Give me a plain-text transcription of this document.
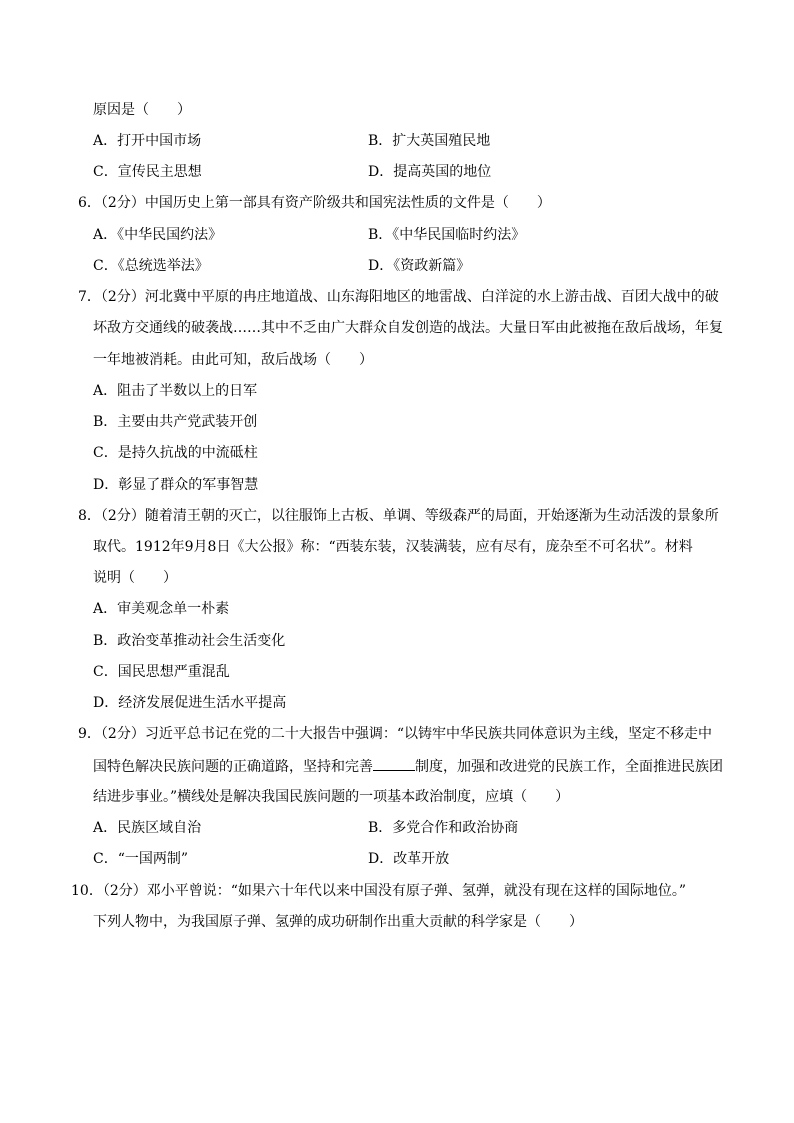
原因是（　　）
A．打开中国市场	B．扩大英国殖民地
C．宣传民主思想	D．提高英国的地位
6．（2分）中国历史上第一部具有资产阶级共和国宪法性质的文件是（　　）
A．《中华民国约法》	B．《中华民国临时约法》
C．《总统选举法》	D．《资政新篇》
7．（2分）河北冀中平原的冉庄地道战、山东海阳地区的地雷战、白洋淀的水上游击战、百团大战中的破
坏敌方交通线的破袭战……其中不乏由广大群众自发创造的战法。大量日军由此被拖在敌后战场，年复
一年地被消耗。由此可知，敌后战场（　　）
A．阻击了半数以上的日军
B．主要由共产党武装开创
C．是持久抗战的中流砥柱
D．彰显了群众的军事智慧
8．（2分）随着清王朝的灭亡，以往服饰上古板、单调、等级森严的局面，开始逐渐为生动活泼的景象所
取代。1912年9月8日《大公报》称：“西装东装，汉装满装，应有尽有，庞杂至不可名状”。材料
说明（　　）
A．审美观念单一朴素
B．政治变革推动社会生活变化
C．国民思想严重混乱
D．经济发展促进生活水平提高
9．（2分）习近平总书记在党的二十大报告中强调：“以铸牢中华民族共同体意识为主线，坚定不移走中
国特色解决民族问题的正确道路，坚持和完善	制度，加强和改进党的民族工作，全面推进民族团
结进步事业。”横线处是解决我国民族问题的一项基本政治制度，应填（　　）
A．民族区域自治	B．多党合作和政治协商
C．“一国两制”	D．改革开放
10．（2分）邓小平曾说：“如果六十年代以来中国没有原子弹、氢弹，就没有现在这样的国际地位。”
下列人物中，为我国原子弹、氢弹的成功研制作出重大贡献的科学家是（　　）
